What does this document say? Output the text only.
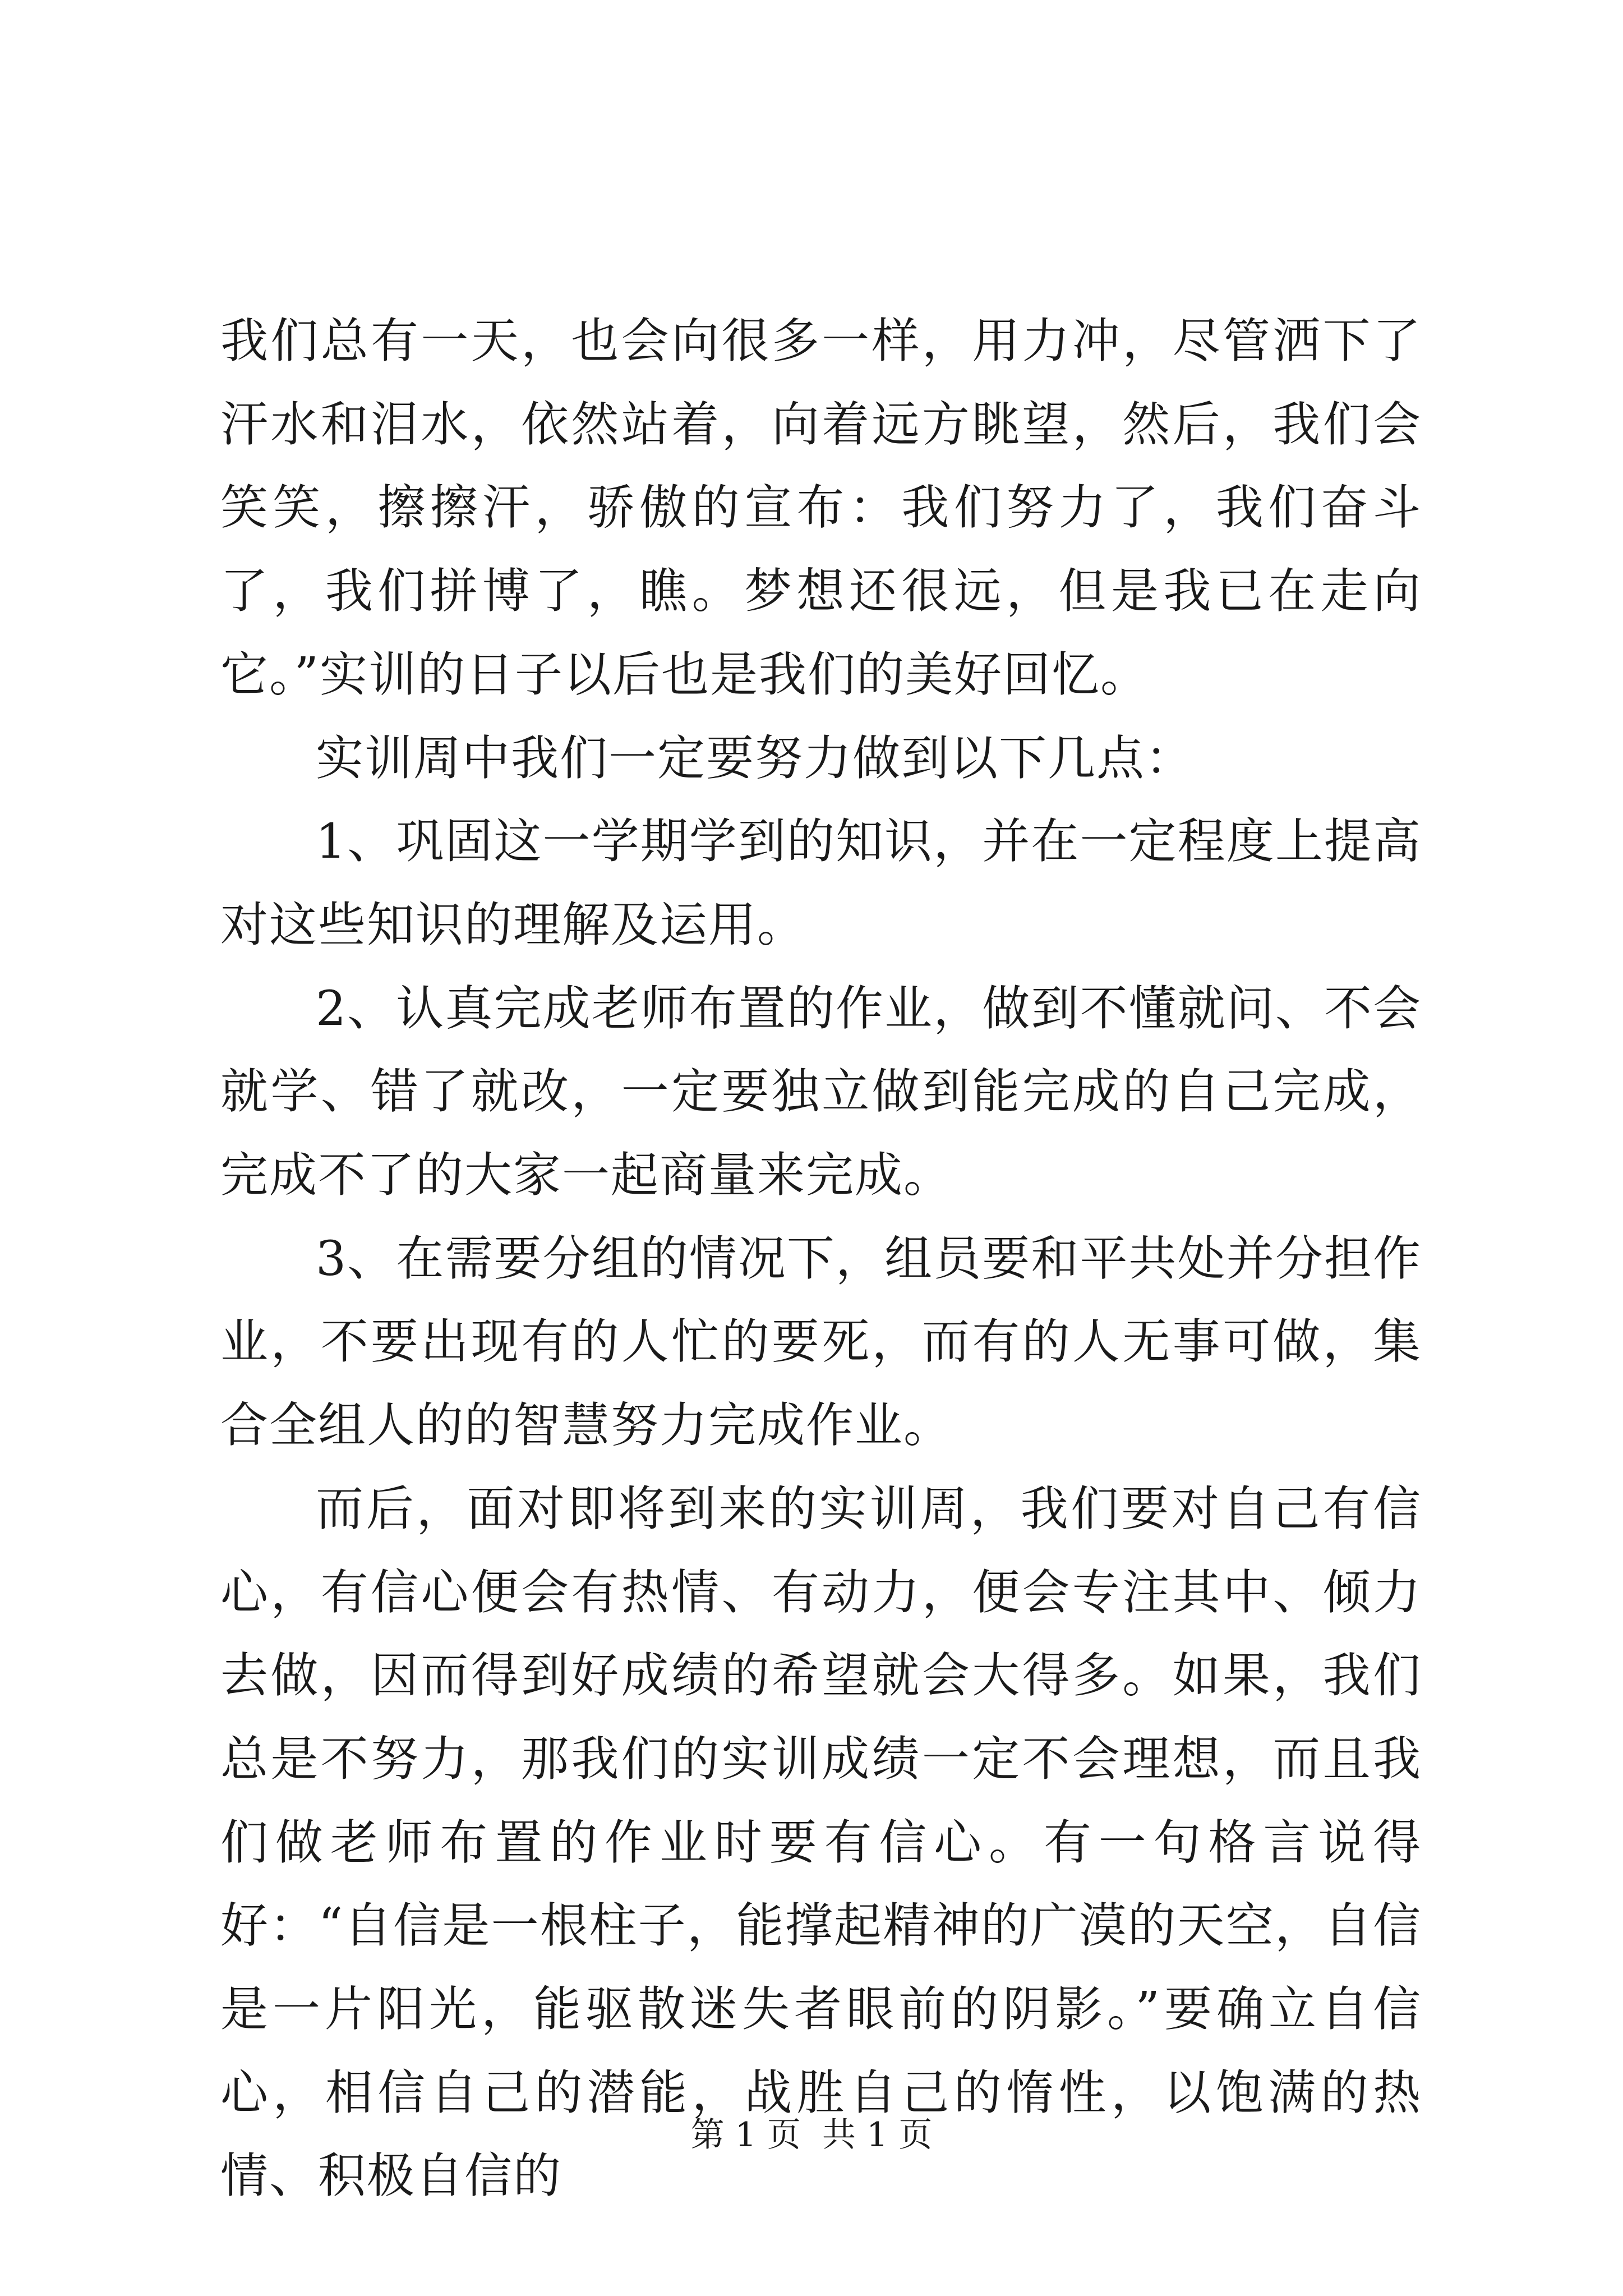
我们总有一天，也会向很多一样，用力冲，尽管洒下了汗水和泪水，依然站着，向着远方眺望，然后，我们会笑笑，擦擦汗，骄傲的宣布：我们努力了，我们奋斗了，我们拼博了，瞧。梦想还很远，但是我已在走向它。”实训的日子以后也是我们的美好回忆。

实训周中我们一定要努力做到以下几点：

1、巩固这一学期学到的知识，并在一定程度上提高对这些知识的理解及运用。

2、认真完成老师布置的作业，做到不懂就问、不会就学、错了就改，一定要独立做到能完成的自己完成，完成不了的大家一起商量来完成。

3、在需要分组的情况下，组员要和平共处并分担作业，不要出现有的人忙的要死，而有的人无事可做，集合全组人的的智慧努力完成作业。

而后，面对即将到来的实训周，我们要对自己有信心，有信心便会有热情、有动力，便会专注其中、倾力去做，因而得到好成绩的希望就会大得多。如果，我们总是不努力，那我们的实训成绩一定不会理想，而且我们做老师布置的作业时要有信心。有一句格言说得好：“自信是一根柱子，能撑起精神的广漠的天空，自信是一片阳光，能驱散迷失者眼前的阴影。”要确立自信心，相信自己的潜能，战胜自己的惰性，以饱满的热情、积极自信的

第 1 页  共 1 页
